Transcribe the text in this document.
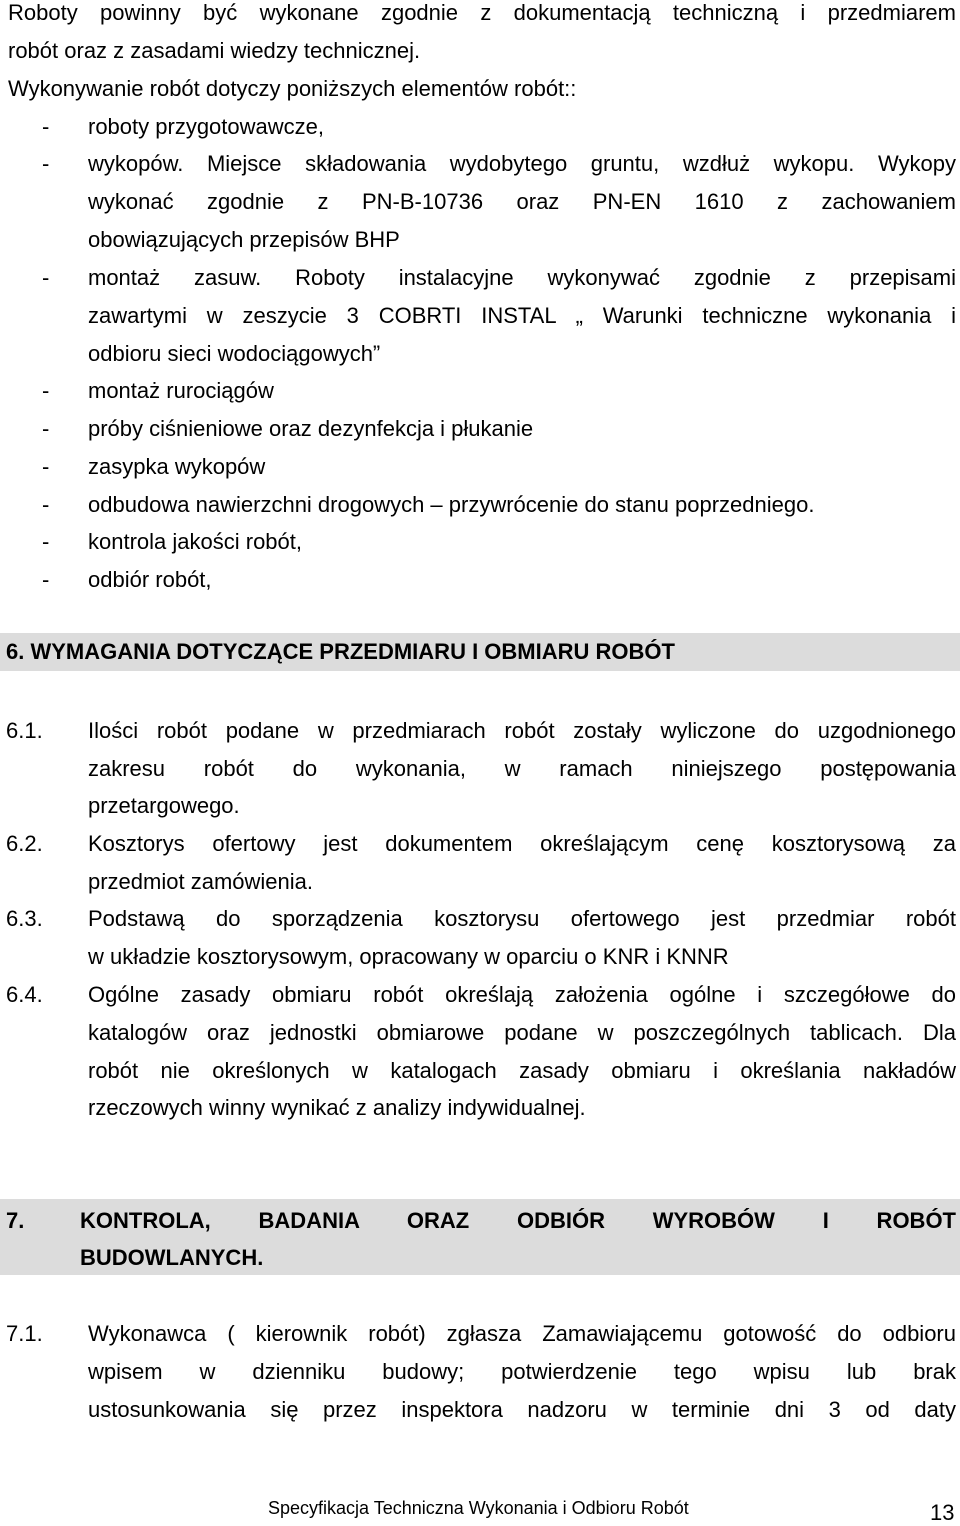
Roboty powinny być wykonane zgodnie z dokumentacją techniczną i przedmiarem
robót oraz z zasadami wiedzy technicznej.
Wykonywanie robót dotyczy poniższych elementów robót::
- roboty przygotowawcze,
- wykopów. Miejsce składowania wydobytego gruntu, wzdłuż wykopu. Wykopy
wykonać zgodnie z PN-B-10736 oraz PN-EN 1610 z zachowaniem
obowiązujących przepisów BHP
- montaż zasuw. Roboty instalacyjne wykonywać zgodnie z przepisami
zawartymi w zeszycie 3 COBRTI INSTAL „ Warunki techniczne wykonania i
odbioru sieci wodociągowych”
- montaż rurociągów
- próby ciśnieniowe oraz dezynfekcja i płukanie
- zasypka wykopów
- odbudowa nawierzchni drogowych – przywrócenie do stanu poprzedniego.
- kontrola jakości robót,
- odbiór robót,
6. WYMAGANIA DOTYCZĄCE PRZEDMIARU I OBMIARU ROBÓT
6.1. Ilości robót podane w przedmiarach robót zostały wyliczone do uzgodnionego
zakresu robót do wykonania, w ramach niniejszego postępowania
przetargowego.
6.2. Kosztorys ofertowy jest dokumentem określającym cenę kosztorysową za
przedmiot zamówienia.
6.3. Podstawą do sporządzenia kosztorysu ofertowego jest przedmiar robót
w układzie kosztorysowym, opracowany w oparciu o KNR i KNNR
6.4. Ogólne zasady obmiaru robót określają założenia ogólne i szczegółowe do
katalogów oraz jednostki obmiarowe podane w poszczególnych tablicach. Dla
robót nie określonych w katalogach zasady obmiaru i określania nakładów
rzeczowych winny wynikać z analizy indywidualnej.
7.	KONTROLA, BADANIA ORAZ ODBIÓR WYROBÓW I ROBÓT
BUDOWLANYCH.
7.1. Wykonawca ( kierownik robót) zgłasza Zamawiającemu gotowość do odbioru
wpisem w dzienniku budowy; potwierdzenie tego wpisu lub brak
ustosunkowania się przez inspektora nadzoru w terminie dni 3 od daty
Specyfikacja Techniczna Wykonania i Odbioru Robót	13
